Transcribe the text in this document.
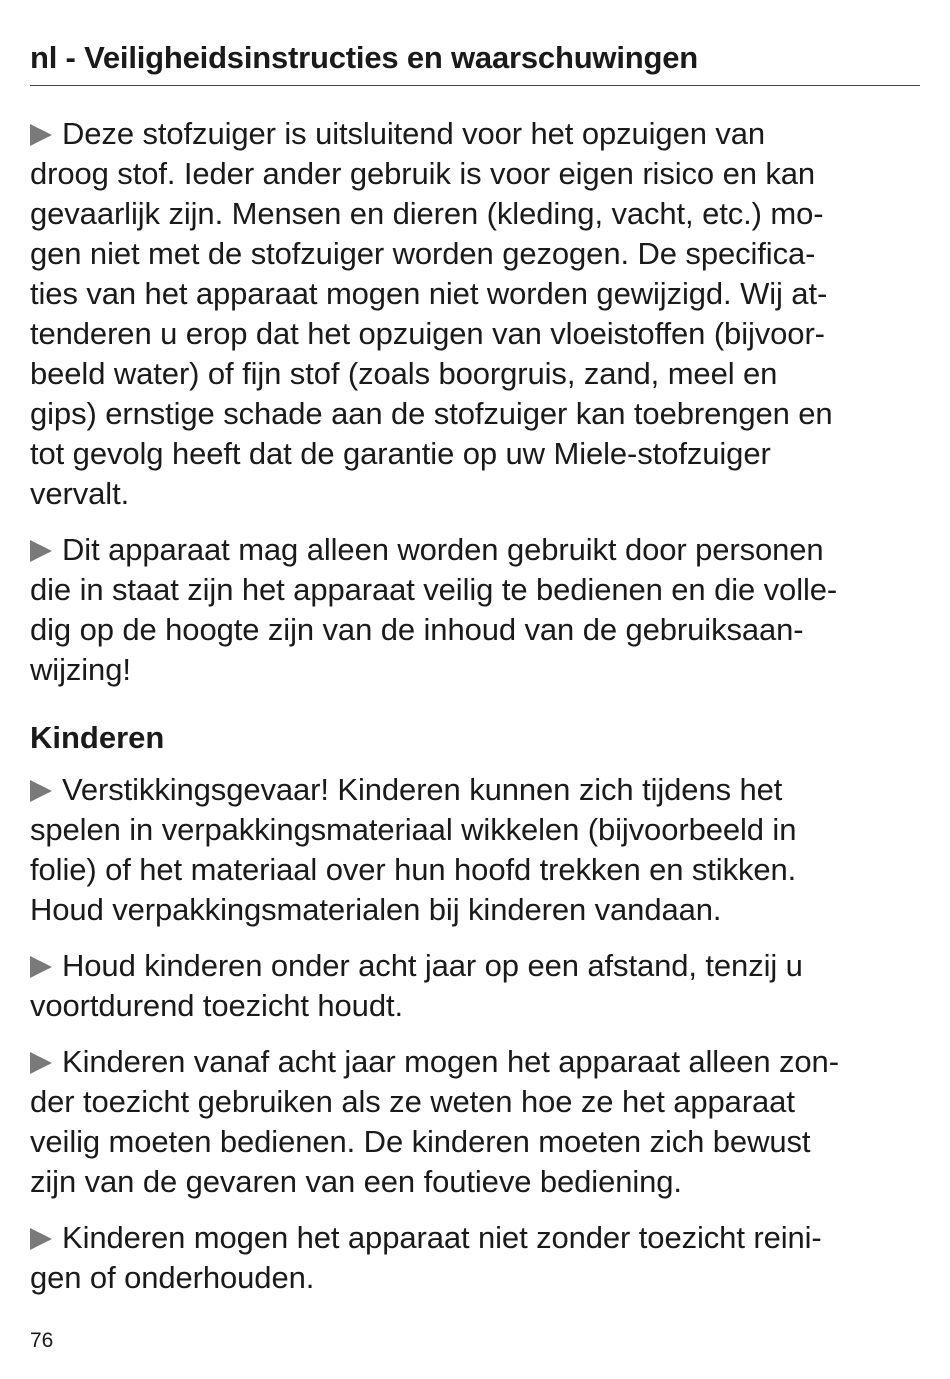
nl - Veiligheidsinstructies en waarschuwingen

Deze stofzuiger is uitsluitend voor het opzuigen van
droog stof. Ieder ander gebruik is voor eigen risico en kan
gevaarlijk zijn. Mensen en dieren (kleding, vacht, etc.) mo-
gen niet met de stofzuiger worden gezogen. De specifica-
ties van het apparaat mogen niet worden gewijzigd. Wij at-
tenderen u erop dat het opzuigen van vloeistoffen (bijvoor-
beeld water) of fijn stof (zoals boorgruis, zand, meel en
gips) ernstige schade aan de stofzuiger kan toebrengen en
tot gevolg heeft dat de garantie op uw Miele-stofzuiger
vervalt.

Dit apparaat mag alleen worden gebruikt door personen
die in staat zijn het apparaat veilig te bedienen en die volle-
dig op de hoogte zijn van de inhoud van de gebruiksaan-
wijzing!

Kinderen

Verstikkingsgevaar! Kinderen kunnen zich tijdens het
spelen in verpakkingsmateriaal wikkelen (bijvoorbeeld in
folie) of het materiaal over hun hoofd trekken en stikken.
Houd verpakkingsmaterialen bij kinderen vandaan.

Houd kinderen onder acht jaar op een afstand, tenzij u
voortdurend toezicht houdt.

Kinderen vanaf acht jaar mogen het apparaat alleen zon-
der toezicht gebruiken als ze weten hoe ze het apparaat
veilig moeten bedienen. De kinderen moeten zich bewust
zijn van de gevaren van een foutieve bediening.

Kinderen mogen het apparaat niet zonder toezicht reini-
gen of onderhouden.

76
